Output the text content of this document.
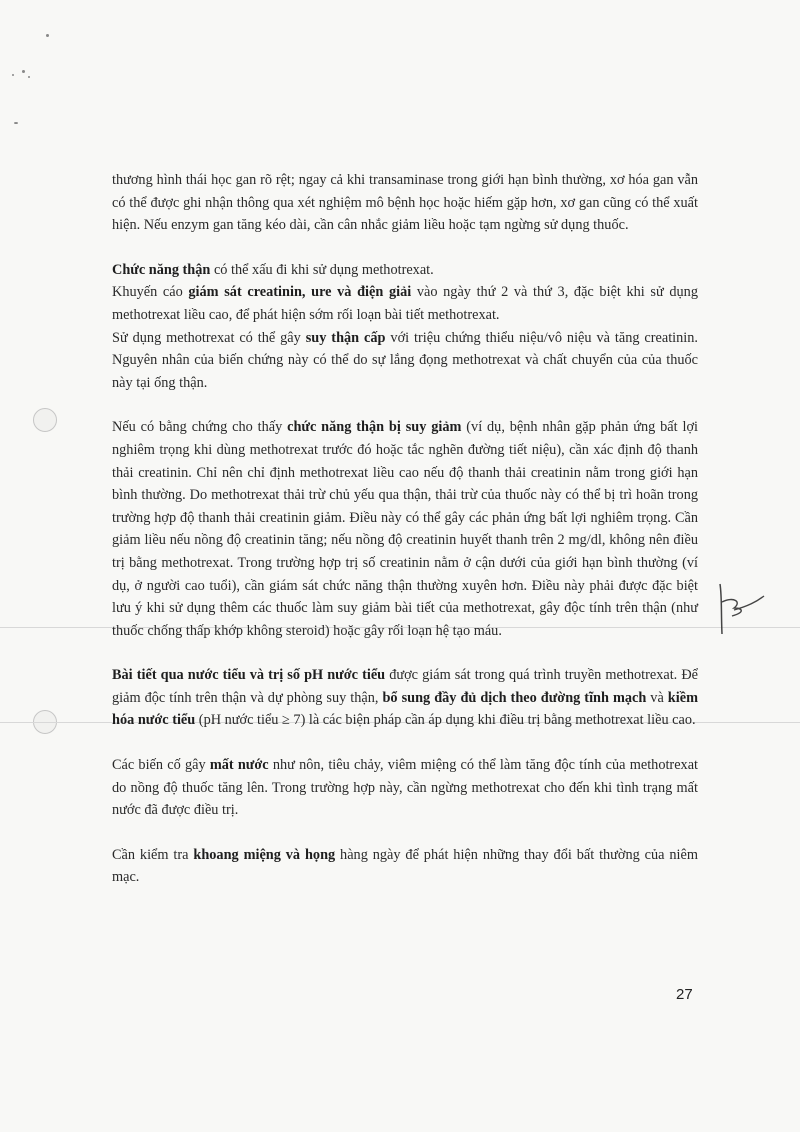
thương hình thái học gan rõ rệt; ngay cả khi transaminase trong giới hạn bình thường, xơ hóa gan vẫn có thể được ghi nhận thông qua xét nghiệm mô bệnh học hoặc hiếm gặp hơn, xơ gan cũng có thể xuất hiện. Nếu enzym gan tăng kéo dài, cần cân nhắc giảm liều hoặc tạm ngừng sử dụng thuốc.

Chức năng thận có thể xấu đi khi sử dụng methotrexat.

Khuyến cáo giám sát creatinin, ure và điện giải vào ngày thứ 2 và thứ 3, đặc biệt khi sử dụng methotrexat liều cao, để phát hiện sớm rối loạn bài tiết methotrexat.

Sử dụng methotrexat có thể gây suy thận cấp với triệu chứng thiểu niệu/vô niệu và tăng creatinin. Nguyên nhân của biến chứng này có thể do sự lắng đọng methotrexat và chất chuyển của của thuốc này tại ống thận.

Nếu có bằng chứng cho thấy chức năng thận bị suy giảm (ví dụ, bệnh nhân gặp phản ứng bất lợi nghiêm trọng khi dùng methotrexat trước đó hoặc tắc nghẽn đường tiết niệu), cần xác định độ thanh thải creatinin. Chỉ nên chỉ định methotrexat liều cao nếu độ thanh thải creatinin nằm trong giới hạn bình thường. Do methotrexat thải trừ chủ yếu qua thận, thải trừ của thuốc này có thể bị trì hoãn trong trường hợp độ thanh thải creatinin giảm. Điều này có thể gây các phản ứng bất lợi nghiêm trọng. Cần giảm liều nếu nồng độ creatinin tăng; nếu nồng độ creatinin huyết thanh trên 2 mg/dl, không nên điều trị bằng methotrexat. Trong trường hợp trị số creatinin nằm ở cận dưới của giới hạn bình thường (ví dụ, ở người cao tuổi), cần giám sát chức năng thận thường xuyên hơn. Điều này phải được đặc biệt lưu ý khi sử dụng thêm các thuốc làm suy giảm bài tiết của methotrexat, gây độc tính trên thận (như thuốc chống thấp khớp không steroid) hoặc gây rối loạn hệ tạo máu.

Bài tiết qua nước tiểu và trị số pH nước tiểu được giám sát trong quá trình truyền methotrexat. Để giảm độc tính trên thận và dự phòng suy thận, bổ sung đầy đủ dịch theo đường tĩnh mạch và kiềm hóa nước tiểu (pH nước tiểu ≥ 7) là các biện pháp cần áp dụng khi điều trị bằng methotrexat liều cao.

Các biến cố gây mất nước như nôn, tiêu chảy, viêm miệng có thể làm tăng độc tính của methotrexat do nồng độ thuốc tăng lên. Trong trường hợp này, cần ngừng methotrexat cho đến khi tình trạng mất nước đã được điều trị.

Cần kiểm tra khoang miệng và họng hàng ngày để phát hiện những thay đổi bất thường của niêm mạc.

27
